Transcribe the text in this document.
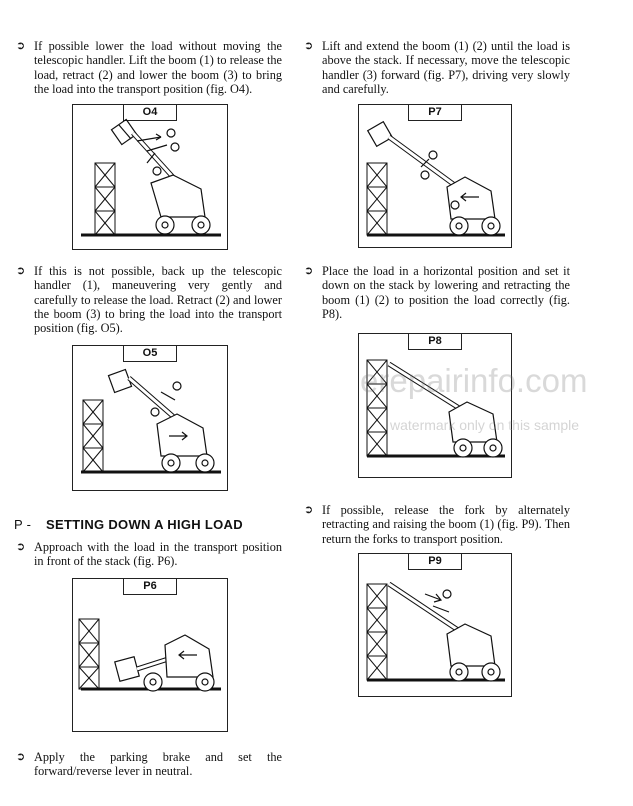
➲ If possible lower the load without moving the telescopic handler. Lift the boom (1) to release the load, retract (2) and lower the boom (3) to bring the load into the transport position (fig. O4).
O4
➲ If this is not possible, back up the telescopic handler (1), maneuvering very gently and carefully to release the load. Retract (2) and lower the boom (3) to bring the load into the transport position (fig. O5).
O5
P - SETTING DOWN A HIGH LOAD
➲ Approach with the load in the transport position in front of the stack (fig. P6).
P6
➲ Apply the parking brake and set the forward/reverse lever in neutral.
➲ Lift and extend the boom (1) (2) until the load is above the stack. If necessary, move the telescopic handler (3) forward (fig. P7), driving very slowly and carefully.
P7
➲ Place the load in a horizontal position and set it down on the stack by lowering and retracting the boom (1) (2) to position the load correctly (fig. P8).
P8
➲ If possible, release the fork by alternately retracting and raising the boom (1) (fig. P9). Then return the forks to transport position.
P9
erepairinfo.com
watermark only on this sample
